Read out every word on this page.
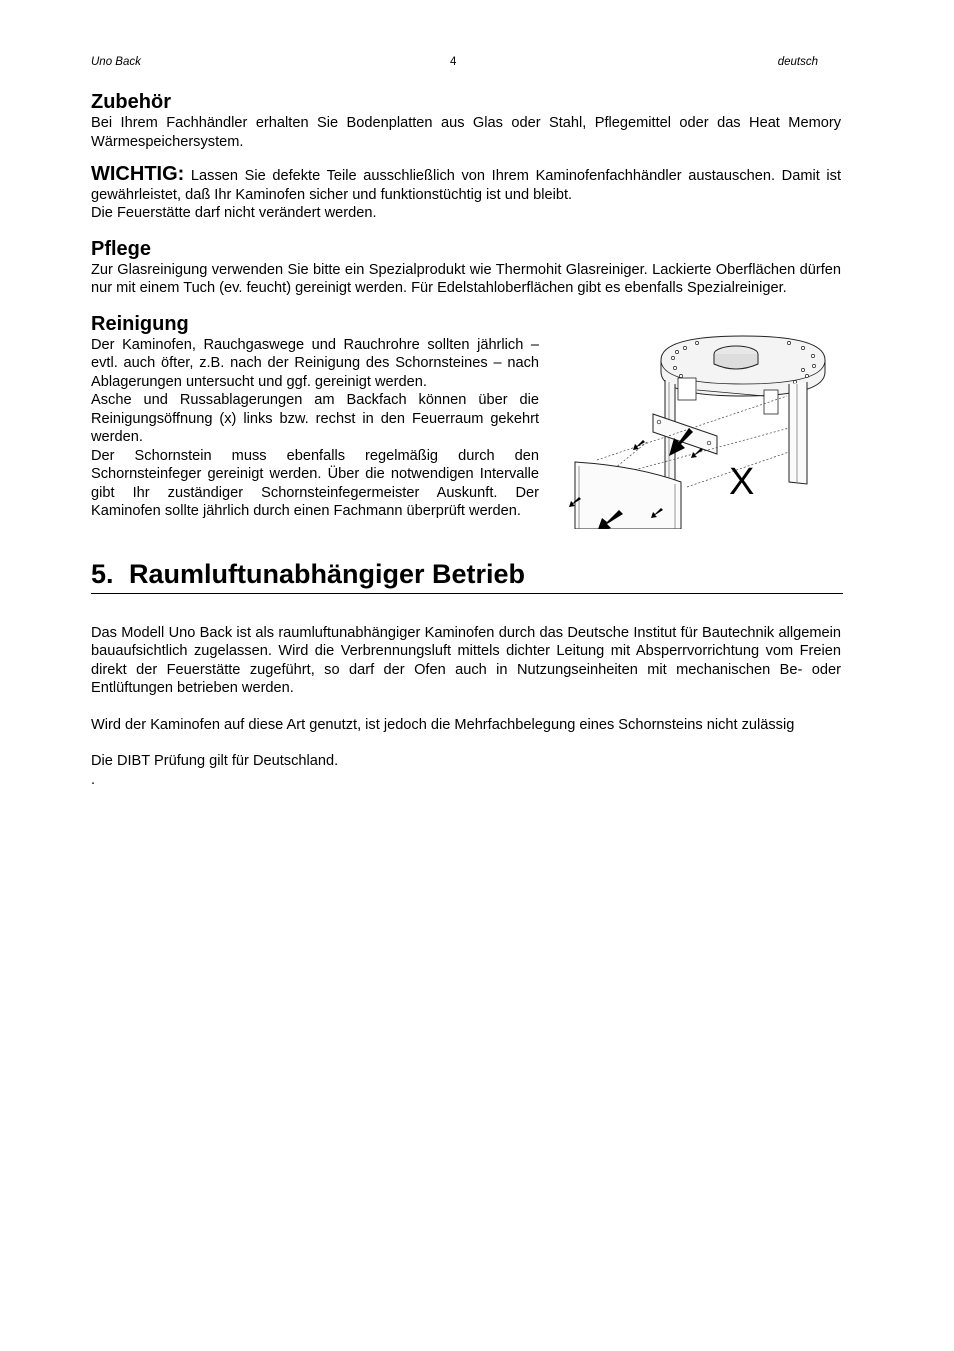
Uno Back	4	deutsch
Zubehör

Bei Ihrem Fachhändler erhalten Sie Bodenplatten aus Glas oder Stahl, Pflegemittel oder das Heat Memory Wärmespeichersystem.

WICHTIG: Lassen Sie defekte Teile ausschließlich von Ihrem Kaminofenfachhändler austauschen. Damit ist gewährleistet, daß Ihr Kaminofen sicher und funktionstüchtig ist und bleibt.

Die Feuerstätte darf nicht verändert werden.

Pflege

Zur Glasreinigung verwenden Sie bitte ein Spezialprodukt wie Thermohit Glasreiniger. Lackierte Oberflächen dürfen nur mit einem Tuch (ev. feucht) gereinigt werden. Für Edelstahloberflächen gibt es ebenfalls Spezialreiniger.

Reinigung

Der Kaminofen, Rauchgaswege und Rauchrohre sollten jährlich – evtl. auch öfter, z.B. nach der Reinigung des Schornsteines – nach Ablagerungen untersucht und ggf. gereinigt werden.

Asche und Russablagerungen am Backfach können über die Reinigungsöffnung (x) links bzw. rechst in den Feuerraum gekehrt werden.

Der Schornstein muss ebenfalls regelmäßig durch den Schornsteinfeger gereinigt werden. Über die notwendigen Intervalle gibt Ihr zuständiger Schornsteinfegermeister Auskunft. Der Kaminofen sollte jährlich durch einen Fachmann überprüft werden.

X
5. Raumluftunabhängiger Betrieb

Das Modell Uno Back ist als raumluftunabhängiger Kaminofen durch das Deutsche Institut für Bautechnik allgemein bauaufsichtlich zugelassen. Wird die Verbrennungsluft mittels dichter Leitung mit Absperrvorrichtung vom Freien direkt der Feuerstätte zugeführt, so darf der Ofen auch in Nutzungseinheiten mit mechanischen Be- oder Entlüftungen betrieben werden.

Wird der Kaminofen auf diese Art genutzt, ist jedoch die Mehrfachbelegung eines Schornsteins nicht zulässig

Die DIBT Prüfung gilt für Deutschland.

.
